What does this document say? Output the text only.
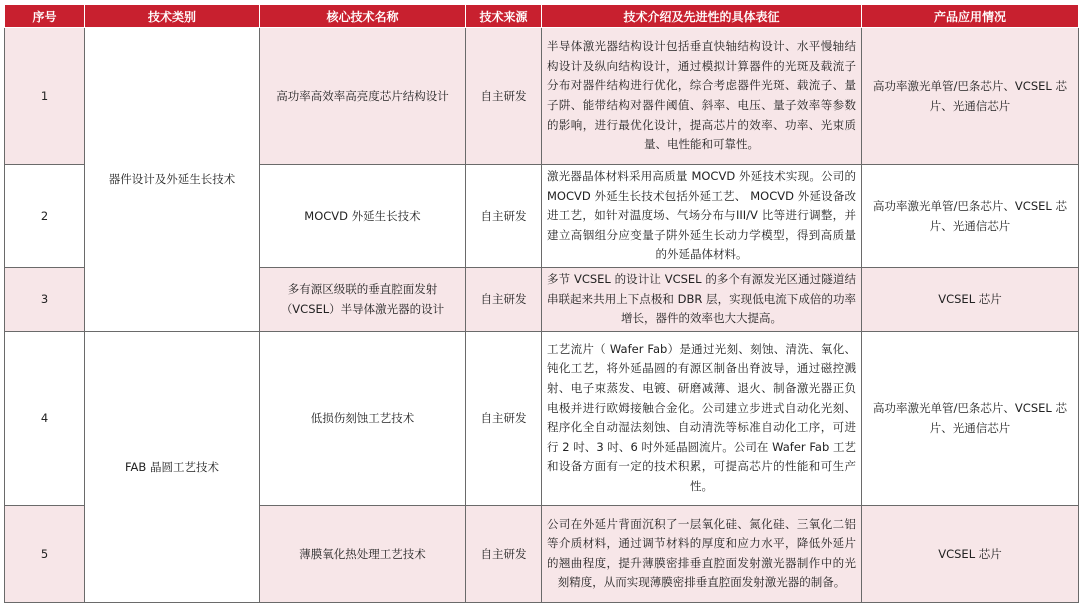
序号	技术类别	核心技术名称	技术来源	技术介绍及先进性的具体表征	产品应用情况
1	器件设计及外延生长技术	高功率高效率高亮度芯片结构设计	自主研发	半导体激光器结构设计包括垂直快轴结构设计、水平慢轴结构设计及纵向结构设计，通过模拟计算器件的光斑及载流子分布对器件结构进行优化，综合考虑器件光斑、载流子、量子阱、能带结构对器件阈值、斜率、电压、量子效率等参数的影响，进行最优化设计，提高芯片的效率、功率、光束质量、电性能和可靠性。	高功率激光单管/巴条芯片、VCSEL 芯片、光通信芯片
2		MOCVD 外延生长技术	自主研发	激光器晶体材料采用高质量 MOCVD 外延技术实现。公司的 MOCVD 外延生长技术包括外延工艺、 MOCVD 外延设备改进工艺，如针对温度场、气场分布与III/V 比等进行调整，并建立高铟组分应变量子阱外延生长动力学模型，得到高质量的外延晶体材料。	高功率激光单管/巴条芯片、VCSEL 芯片、光通信芯片
3		多有源区级联的垂直腔面发射（VCSEL）半导体激光器的设计	自主研发	多节 VCSEL 的设计让 VCSEL 的多个有源发光区通过隧道结串联起来共用上下点极和 DBR 层，实现低电流下成倍的功率增长，器件的效率也大大提高。	VCSEL 芯片
4	FAB 晶圆工艺技术	低损伤刻蚀工艺技术	自主研发	工艺流片（ Wafer Fab）是通过光刻、刻蚀、清洗、氧化、钝化工艺，将外延晶圆的有源区制备出脊波导，通过磁控溅射、电子束蒸发、电镀、研磨减薄、退火、制备激光器正负电极并进行欧姆接触合金化。公司建立步进式自动化光刻、程序化全自动湿法刻蚀、自动清洗等标准自动化工序，可进行 2 吋、3 吋、6 吋外延晶圆流片。公司在 Wafer Fab 工艺和设备方面有一定的技术积累，可提高芯片的性能和可生产性。	高功率激光单管/巴条芯片、VCSEL 芯片、光通信芯片
5		薄膜氧化热处理工艺技术	自主研发	公司在外延片背面沉积了一层氧化硅、氮化硅、三氧化二铝等介质材料，通过调节材料的厚度和应力水平，降低外延片的翘曲程度，提升薄膜密排垂直腔面发射激光器制作中的光刻精度，从而实现薄膜密排垂直腔面发射激光器的制备。	VCSEL 芯片
